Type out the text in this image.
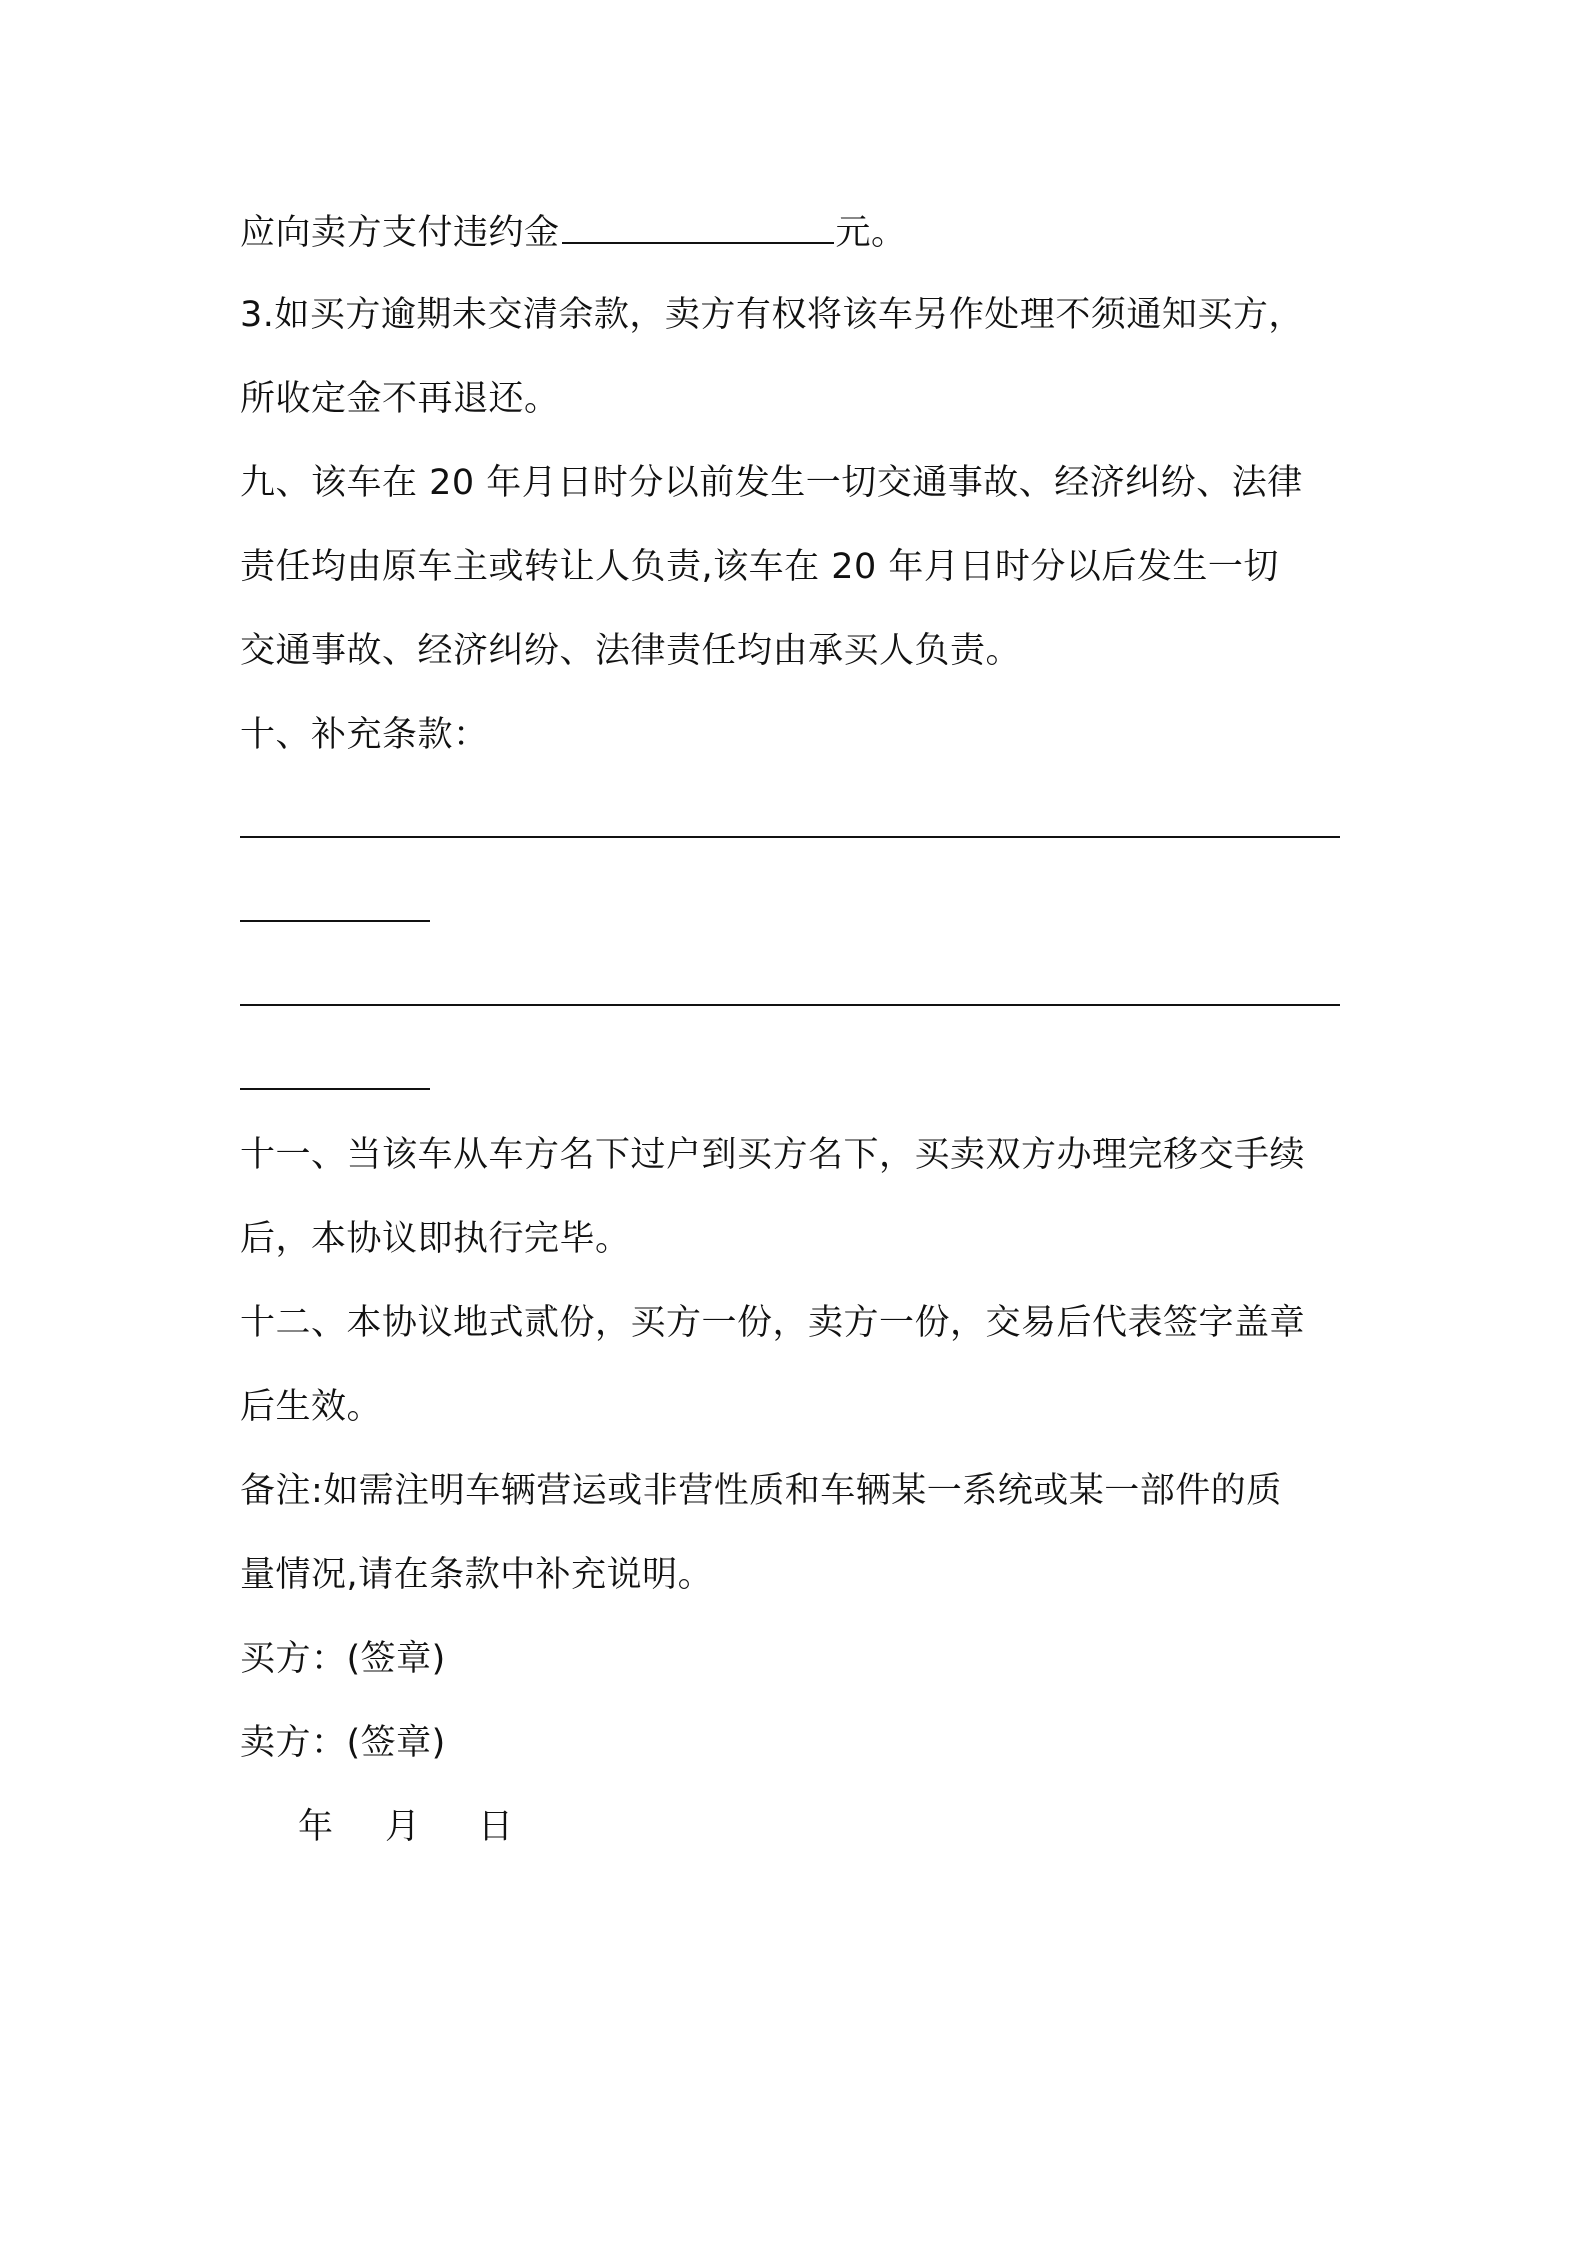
应向卖方支付违约金	元。
3.如买方逾期未交清余款，卖方有权将该车另作处理不须通知买方，
所收定金不再退还。
九、该车在 20 年月日时分以前发生一切交通事故、经济纠纷、法律
责任均由原车主或转让人负责,该车在 20 年月日时分以后发生一切
交通事故、经济纠纷、法律责任均由承买人负责。
十、补充条款：
十一、当该车从车方名下过户到买方名下，买卖双方办理完移交手续
后，本协议即执行完毕。
十二、本协议地式贰份，买方一份，卖方一份，交易后代表签字盖章
后生效。
备注:如需注明车辆营运或非营性质和车辆某一系统或某一部件的质
量情况,请在条款中补充说明。
买方：(签章)
卖方：(签章)
年 月 日
